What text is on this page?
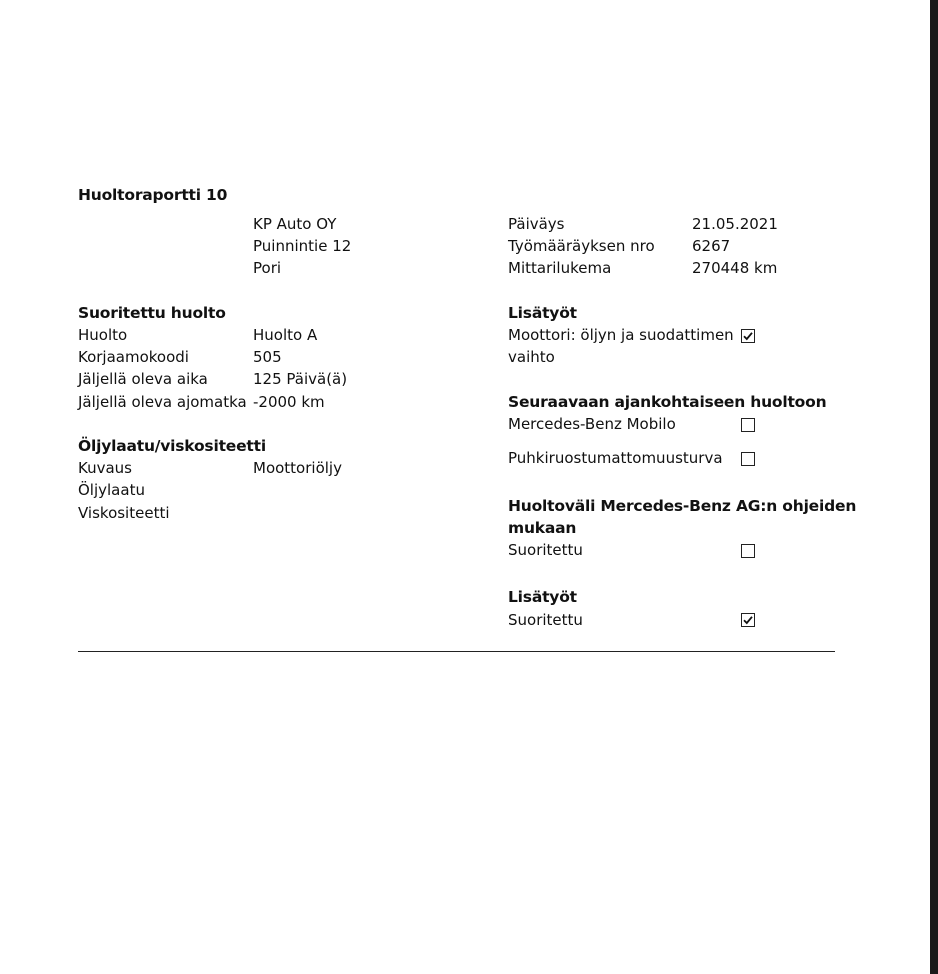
Huoltoraportti 10
KP Auto OY
Puinnintie 12
Pori
Päiväys	21.05.2021
Työmääräyksen nro 6267
Mittarilukema	270448 km
Suoritettu huolto
Huolto	Huolto A
Korjaamokoodi	505
Jäljellä oleva aika	125 Päivä(ä)
Jäljellä oleva ajomatka -2000 km
Öljylaatu/viskositeetti
Kuvaus	Moottoriöljy
Öljylaatu
Viskositeetti
Lisätyöt
Moottori: öljyn ja suodattimen
vaihto
Seuraavaan ajankohtaiseen huoltoon
Mercedes-Benz Mobilo
Puhkiruostumattomuusturva
Huoltoväli Mercedes-Benz AG:n ohjeiden
mukaan
Suoritettu
Lisätyöt
Suoritettu
